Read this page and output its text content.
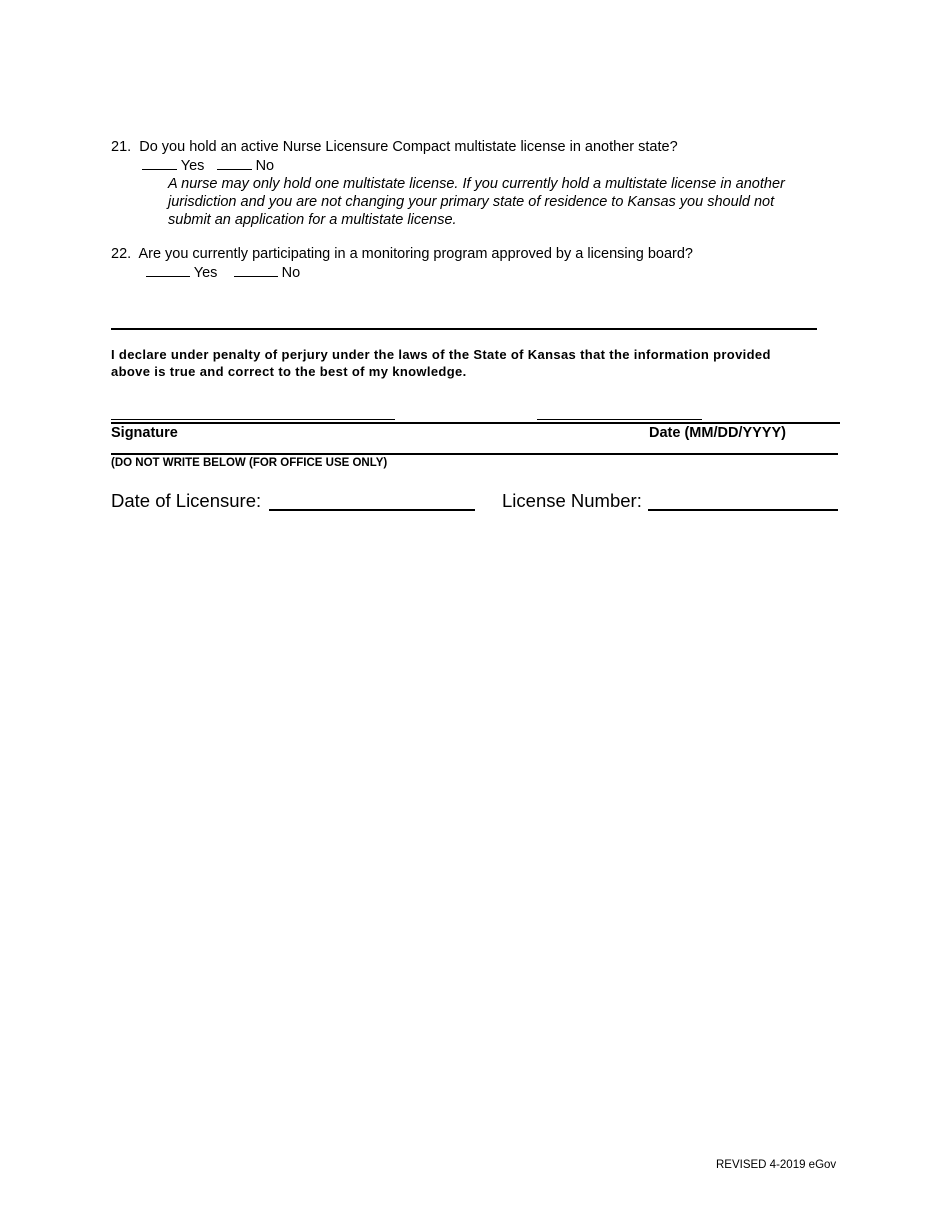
21. Do you hold an active Nurse Licensure Compact multistate license in another state?
Yes	No
A nurse may only hold one multistate license. If you currently hold a multistate license in another
jurisdiction and you are not changing your primary state of residence to Kansas you should not
submit an application for a multistate license.
22. Are you currently participating in a monitoring program approved by a licensing board?
Yes	No
I declare under penalty of perjury under the laws of the State of Kansas that the information provided
above is true and correct to the best of my knowledge.
Signature	Date (MM/DD/YYYY)
(DO NOT WRITE BELOW (FOR OFFICE USE ONLY)
Date of Licensure:	License Number:
REVISED 4-2019 eGov
